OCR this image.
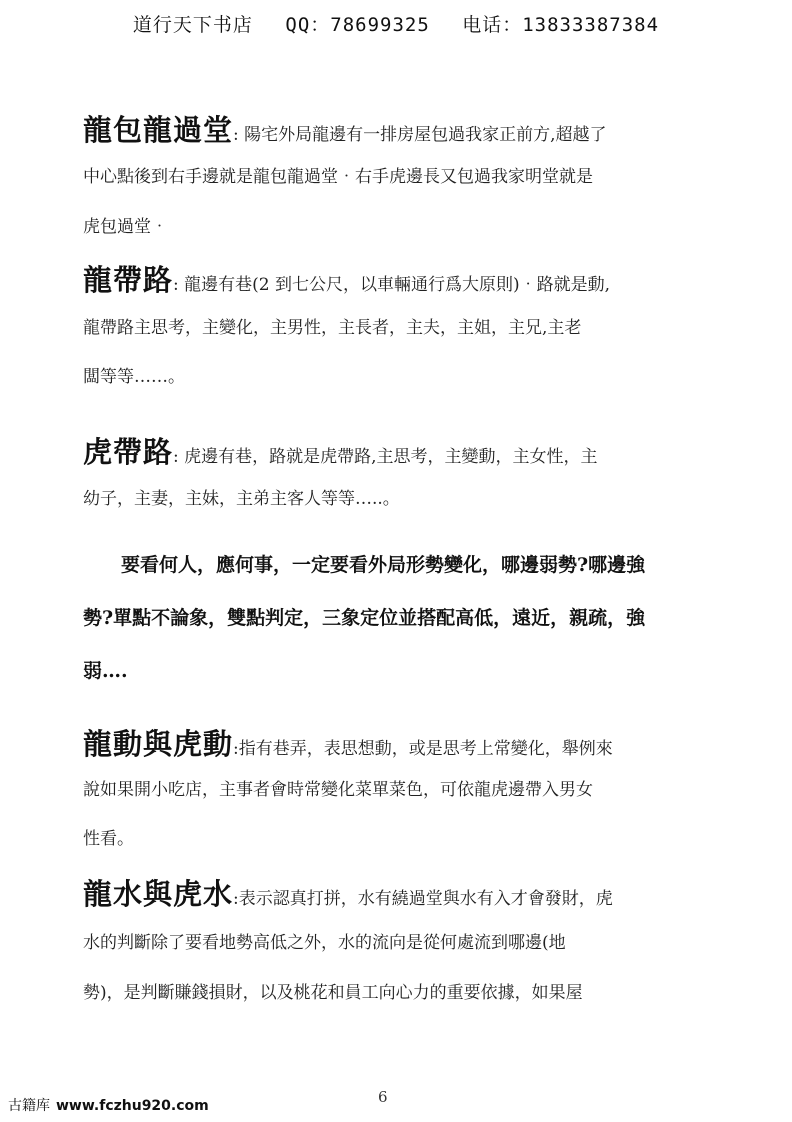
道行天下书店 QQ：78699325 电话：13833387384
龍包龍過堂: 陽宅外局龍邊有一排房屋包過我家正前方,超越了
中心點後到右手邊就是龍包龍過堂‧右手虎邊長又包過我家明堂就是
虎包過堂‧
龍帶路: 龍邊有巷(2 到七公尺，以車輛通行爲大原則)‧路就是動,
龍帶路主思考，主變化，主男性，主長者，主夫，主姐，主兄,主老
闆等等……。
虎帶路: 虎邊有巷，路就是虎帶路,主思考，主變動，主女性，主
幼子，主妻，主妹，主弟主客人等等…..。
要看何人，應何事，一定要看外局形勢變化，哪邊弱勢?哪邊強
勢?單點不論象，雙點判定，三象定位並搭配高低，遠近，親疏，強
弱….
龍動與虎動:指有巷弄，表思想動，或是思考上常變化，舉例來
說如果開小吃店，主事者會時常變化菜單菜色，可依龍虎邊帶入男女
性看。
龍水與虎水:表示認真打拼，水有繞過堂與水有入才會發財，虎
水的判斷除了要看地勢高低之外，水的流向是從何處流到哪邊(地
勢)，是判斷賺錢損財，以及桃花和員工向心力的重要依據，如果屋
6
古籍库 www.fczhu920.com
